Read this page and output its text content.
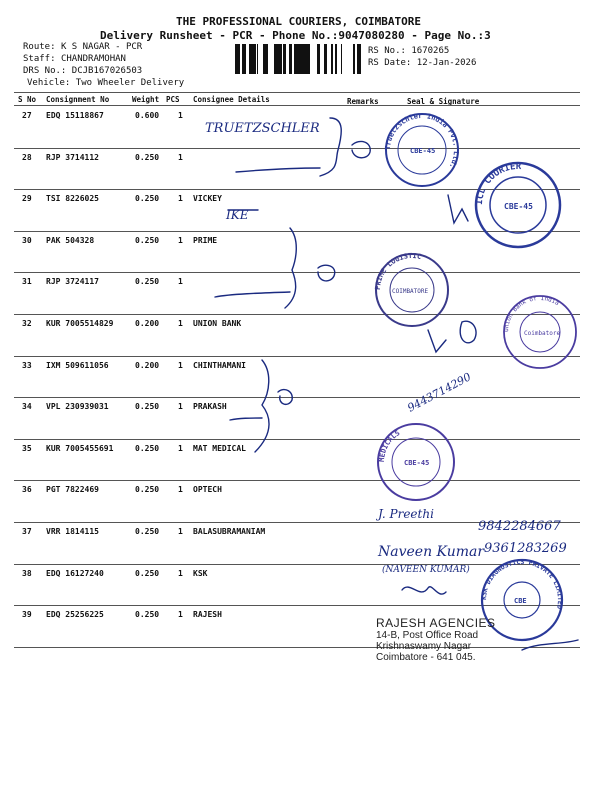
THE PROFESSIONAL COURIERS, COIMBATORE
Delivery Runsheet - PCR - Phone No.:9047080280 - Page No.:3
Route: K S NAGAR - PCR
Staff: CHANDRAMOHAN
DRS No.: DCJB167026503
Vehicle: Two Wheeler Delivery
RS No.: 1670265
RS Date: 12-Jan-2026
S No Consignment No	Weight PCS Consignee Details	Remarks	Seal & Signature
27 EDQ 15118867	0.600 1
28 RJP 3714112	0.250 1
29 TSI 8226025	0.250 1 VICKEY
30 PAK 504328	0.250 1 PRIME
31 RJP 3724117	0.250 1
32 KUR 7005514829	0.200 1 UNION BANK
33 IXM 509611056	0.200 1 CHINTHAMANI
34 VPL 230939031	0.250 1 PRAKASH
35 KUR 7005455691	0.250 1 MAT MEDICAL
36 PGT 7822469	0.250 1 OPTECH
37 VRR 1814115	0.250 1 BALASUBRAMANIAM
38 EDQ 16127240	0.250 1 KSK
39 EDQ 25256225	0.250 1 RAJESH
TRUETZSCHLER
IKE
9443714290
J. Preethi
9842284667
Naveen Kumar 9361283269
(NAVEEN KUMAR)
Truetzschler India Pvt. Ltd.
CBE-45
ICL COURIER
CBE-45
PRIME LOGISTIC
COIMBATORE
Union Bank of India
Coimbatore
MEDICALS
CBE-45
KSK DIAGNOSTICS PRIVATE LIMITED
CBE
RAJESH AGENCIES
14-B, Post Office Road
Krishnaswamy Nagar
Coimbatore - 641 045.
